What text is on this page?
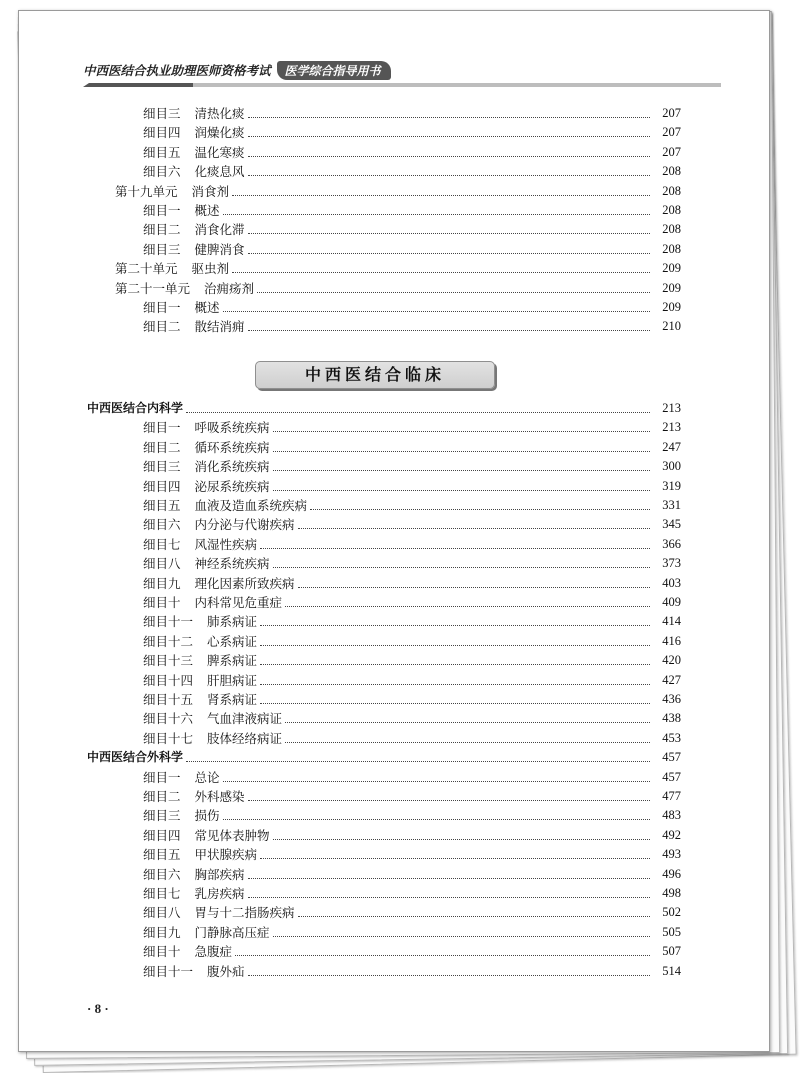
中西医结合执业助理医师资格考试	医学综合指导用书
细目三 清热化痰	207
细目四 润燥化痰	207
细目五 温化寒痰	207
细目六 化痰息风	208
第十九单元 消食剂	208
细目一 概述	208
细目二 消食化滞	208
细目三 健脾消食	208
第二十单元 驱虫剂	209
第二十一单元 治痈疡剂	209
细目一 概述	209
细目二 散结消痈	210
中西医结合临床
中西医结合内科学	213
细目一 呼吸系统疾病	213
细目二 循环系统疾病	247
细目三 消化系统疾病	300
细目四 泌尿系统疾病	319
细目五 血液及造血系统疾病	331
细目六 内分泌与代谢疾病	345
细目七 风湿性疾病	366
细目八 神经系统疾病	373
细目九 理化因素所致疾病	403
细目十 内科常见危重症	409
细目十一 肺系病证	414
细目十二 心系病证	416
细目十三 脾系病证	420
细目十四 肝胆病证	427
细目十五 肾系病证	436
细目十六 气血津液病证	438
细目十七 肢体经络病证	453
中西医结合外科学	457
细目一 总论	457
细目二 外科感染	477
细目三 损伤	483
细目四 常见体表肿物	492
细目五 甲状腺疾病	493
细目六 胸部疾病	496
细目七 乳房疾病	498
细目八 胃与十二指肠疾病	502
细目九 门静脉高压症	505
细目十 急腹症	507
细目十一 腹外疝	514
· 8 ·
